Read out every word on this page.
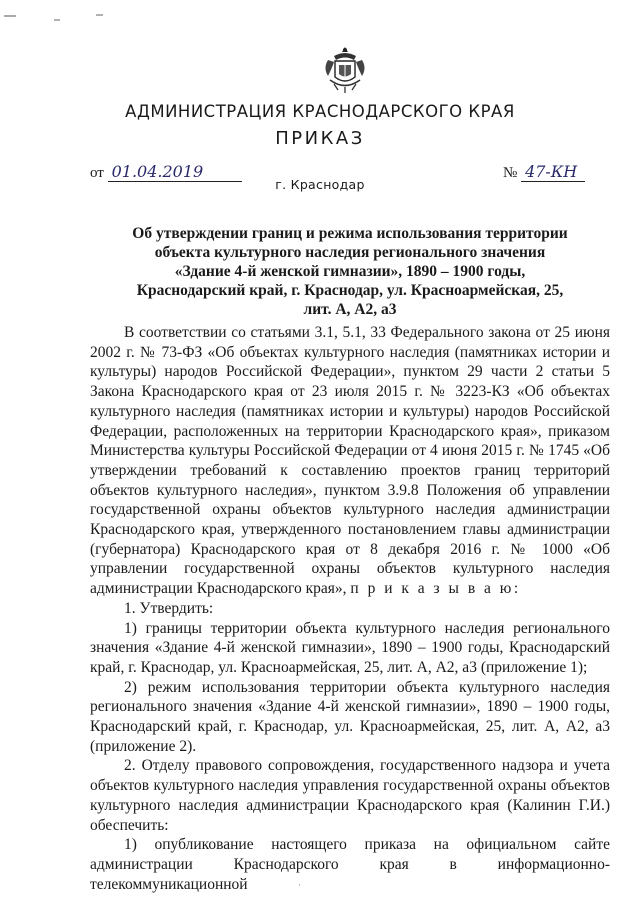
АДМИНИСТРАЦИЯ КРАСНОДАРСКОГО КРАЯ
ПРИКАЗ
от 01.04.2019	№ 47-КН
г. Краснодар
Об утверждении границ и режима использования территории
объекта культурного наследия регионального значения
«Здание 4-й женской гимназии», 1890 – 1900 годы,
Краснодарский край, г. Краснодар, ул. Красноармейская, 25,
лит. А, А2, а3

В соответствии со статьями 3.1, 5.1, 33 Федерального закона от 25 июня 2002 г. № 73-ФЗ «Об объектах культурного наследия (памятниках истории и культуры) народов Российской Федерации», пунктом 29 части 2 статьи 5 Закона Краснодарского края от 23 июля 2015 г. № 3223-КЗ «Об объектах культурного наследия (памятниках истории и культуры) народов Российской Федерации, расположенных на территории Краснодарского края», приказом Министерства культуры Российской Федерации от 4 июня 2015 г. № 1745 «Об утверждении требований к составлению проектов границ территорий объектов культурного наследия», пунктом 3.9.8 Положения об управлении государственной охраны объектов культурного наследия администрации Краснодарского края, утвержденного постановлением главы администрации (губернатора) Краснодарского края от 8 декабря 2016 г. № 1000 «Об управлении государственной охраны объектов культурного наследия администрации Краснодарского края», п р и к а з ы в а ю:

1. Утвердить:

1) границы территории объекта культурного наследия регионального значения «Здание 4-й женской гимназии», 1890 – 1900 годы, Краснодарский край, г. Краснодар, ул. Красноармейская, 25, лит. А, А2, а3 (приложение 1);

2) режим использования территории объекта культурного наследия регионального значения «Здание 4-й женской гимназии», 1890 – 1900 годы, Краснодарский край, г. Краснодар, ул. Красноармейская, 25, лит. А, А2, а3 (приложение 2).

2. Отделу правового сопровождения, государственного надзора и учета объектов культурного наследия управления государственной охраны объектов культурного наследия администрации Краснодарского края (Калинин Г.И.) обеспечить:

1) опубликование настоящего приказа на официальном сайте администрации Краснодарского края в информационно-телекоммуникационной	·
